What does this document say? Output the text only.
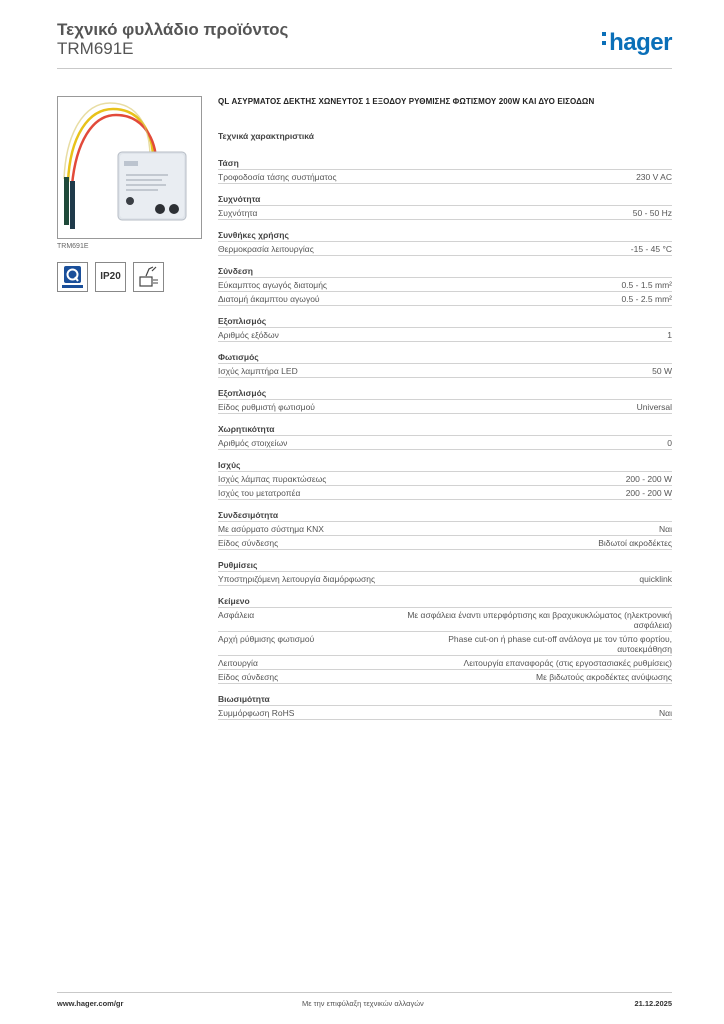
Τεχνικό φυλλάδιο προϊόντος
TRM691E	hager
TRM691E
IP20
QL ΑΣΥΡΜΑΤΟΣ ΔΕΚΤΗΣ ΧΩΝΕΥΤΟΣ 1 ΕΞΟΔΟΥ ΡΥΘΜΙΣΗΣ ΦΩΤΙΣΜΟΥ 200W ΚΑΙ ΔΥΟ ΕΙΣΟΔΩΝ
Τεχνικά χαρακτηριστικά
Τάση
Τροφοδοσία τάσης συστήματος	230 V AC
Συχνότητα
Συχνότητα	50 - 50 Hz
Συνθήκες χρήσης
Θερμοκρασία λειτουργίας	-15 - 45 °C
Σύνδεση
Εύκαμπτος αγωγός διατομής	0.5 - 1.5 mm²
Διατομή άκαμπτου αγωγού	0.5 - 2.5 mm²
Εξοπλισμός
Αριθμός εξόδων	1
Φωτισμός
Ισχύς λαμπτήρα LED	50 W
Εξοπλισμός
Είδος ρυθμιστή φωτισμού	Universal
Χωρητικότητα
Αριθμός στοιχείων	0
Ισχύς
Ισχύς λάμπας πυρακτώσεως	200 - 200 W
Ισχύς του μετατροπέα	200 - 200 W
Συνδεσιμότητα
Με ασύρματο σύστημα KNX	Ναι
Είδος σύνδεσης	Βιδωτοί ακροδέκτες
Ρυθμίσεις
Υποστηριζόμενη λειτουργία διαμόρφωσης	quicklink
Κείμενο
Ασφάλεια	Με ασφάλεια έναντι υπερφόρτισης και βραχυκυκλώματος (ηλεκτρονική ασφάλεια)
Αρχή ρύθμισης φωτισμού	Phase cut-on ή phase cut-off ανάλογα με τον τύπο φορτίου, αυτοεκμάθηση
Λειτουργία	Λειτουργία επαναφοράς (στις εργοστασιακές ρυθμίσεις)
Είδος σύνδεσης	Με βιδωτούς ακροδέκτες ανύψωσης
Βιωσιμότητα
Συμμόρφωση RoHS	Ναι
www.hager.com/gr	Με την επιφύλαξη τεχνικών αλλαγών	21.12.2025
